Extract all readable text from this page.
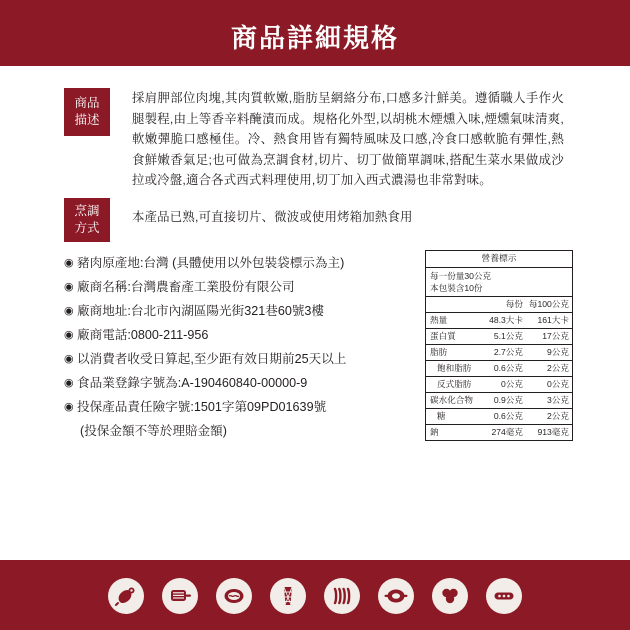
商品詳細規格
商品
描述
採肩胛部位肉塊,其肉質軟嫩,脂肪呈網絡分布,口感多汁鮮美。遵循職人手作火腿製程,由上等香辛料醃漬而成。規格化外型,以胡桃木煙燻入味,煙燻氣味清爽,軟嫩彈脆口感極佳。冷、熱食用皆有獨特風味及口感,冷食口感軟脆有彈性,熱食鮮嫩香氣足;也可做為烹調食材,切片、切丁做簡單調味,搭配生菜水果做成沙拉或冷盤,適合各式西式料理使用,切丁加入西式濃湯也非常對味。
烹調
方式
本產品已熟,可直接切片、微波或使用烤箱加熱食用
◉ 豬肉原產地:台灣 (具體使用以外包裝袋標示為主)
◉ 廠商名稱:台灣農畜產工業股份有限公司
◉ 廠商地址:台北市內湖區陽光街321巷60號3樓
◉ 廠商電話:0800-211-956
◉ 以消費者收受日算起,至少距有效日期前25天以上
◉ 食品業登錄字號為:A-190460840-00000-9
◉ 投保產品責任險字號:1501字第09PD01639號
(投保金額不等於理賠金額)
營養標示
每一份量30公克
本包裝含10份
每份 每100公克
熱量	48.3大卡	161大卡
蛋白質	5.1公克	17公克
脂肪	2.7公克	9公克
飽和脂肪	0.6公克	2公克
反式脂肪	0公克	0公克
碳水化合物	0.9公克	3公克
糖	0.6公克	2公克
鈉	274毫克	913毫克
